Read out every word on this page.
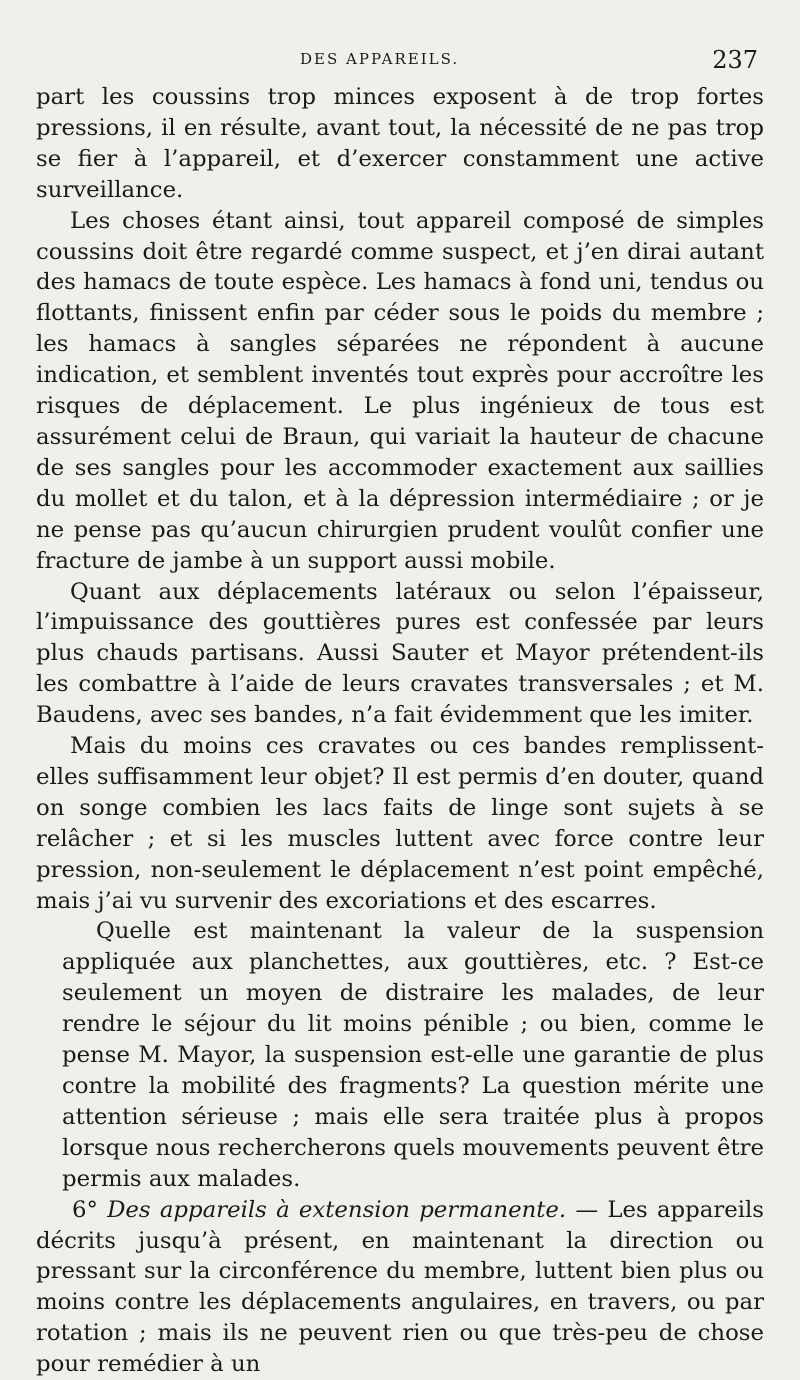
DES APPAREILS.	237

part les coussins trop minces exposent à de trop fortes pressions, il en résulte, avant tout, la nécessité de ne pas trop se fier à l’appareil, et d’exercer constamment une active surveillance.

Les choses étant ainsi, tout appareil composé de simples coussins doit être regardé comme suspect, et j’en dirai autant des hamacs de toute espèce. Les hamacs à fond uni, tendus ou flottants, finissent enfin par céder sous le poids du membre ; les hamacs à sangles séparées ne répondent à aucune indication, et semblent inventés tout exprès pour accroître les risques de déplacement. Le plus ingénieux de tous est assurément celui de Braun, qui variait la hauteur de chacune de ses sangles pour les accommoder exactement aux saillies du mollet et du talon, et à la dépression intermédiaire ; or je ne pense pas qu’aucun chirurgien prudent voulût confier une fracture de jambe à un support aussi mobile.

Quant aux déplacements latéraux ou selon l’épaisseur, l’impuissance des gouttières pures est confessée par leurs plus chauds partisans. Aussi Sauter et Mayor prétendent-ils les combattre à l’aide de leurs cravates transversales ; et M. Baudens, avec ses bandes, n’a fait évidemment que les imiter.

Mais du moins ces cravates ou ces bandes remplissent-elles suffisamment leur objet? Il est permis d’en douter, quand on songe combien les lacs faits de linge sont sujets à se relâcher ; et si les muscles luttent avec force contre leur pression, non-seulement le déplacement n’est point empêché, mais j’ai vu survenir des excoriations et des escarres.

Quelle est maintenant la valeur de la suspension appliquée aux planchettes, aux gouttières, etc. ? Est-ce seulement un moyen de distraire les malades, de leur rendre le séjour du lit moins pénible ; ou bien, comme le pense M. Mayor, la suspension est-elle une garantie de plus contre la mobilité des fragments? La question mérite une attention sérieuse ; mais elle sera traitée plus à propos lorsque nous rechercherons quels mouvements peuvent être permis aux malades.

6° Des appareils à extension permanente. — Les appareils décrits jusqu’à présent, en maintenant la direction ou pressant sur la circonférence du membre, luttent bien plus ou moins contre les déplacements angulaires, en travers, ou par rotation ; mais ils ne peuvent rien ou que très-peu de chose pour remédier à un
